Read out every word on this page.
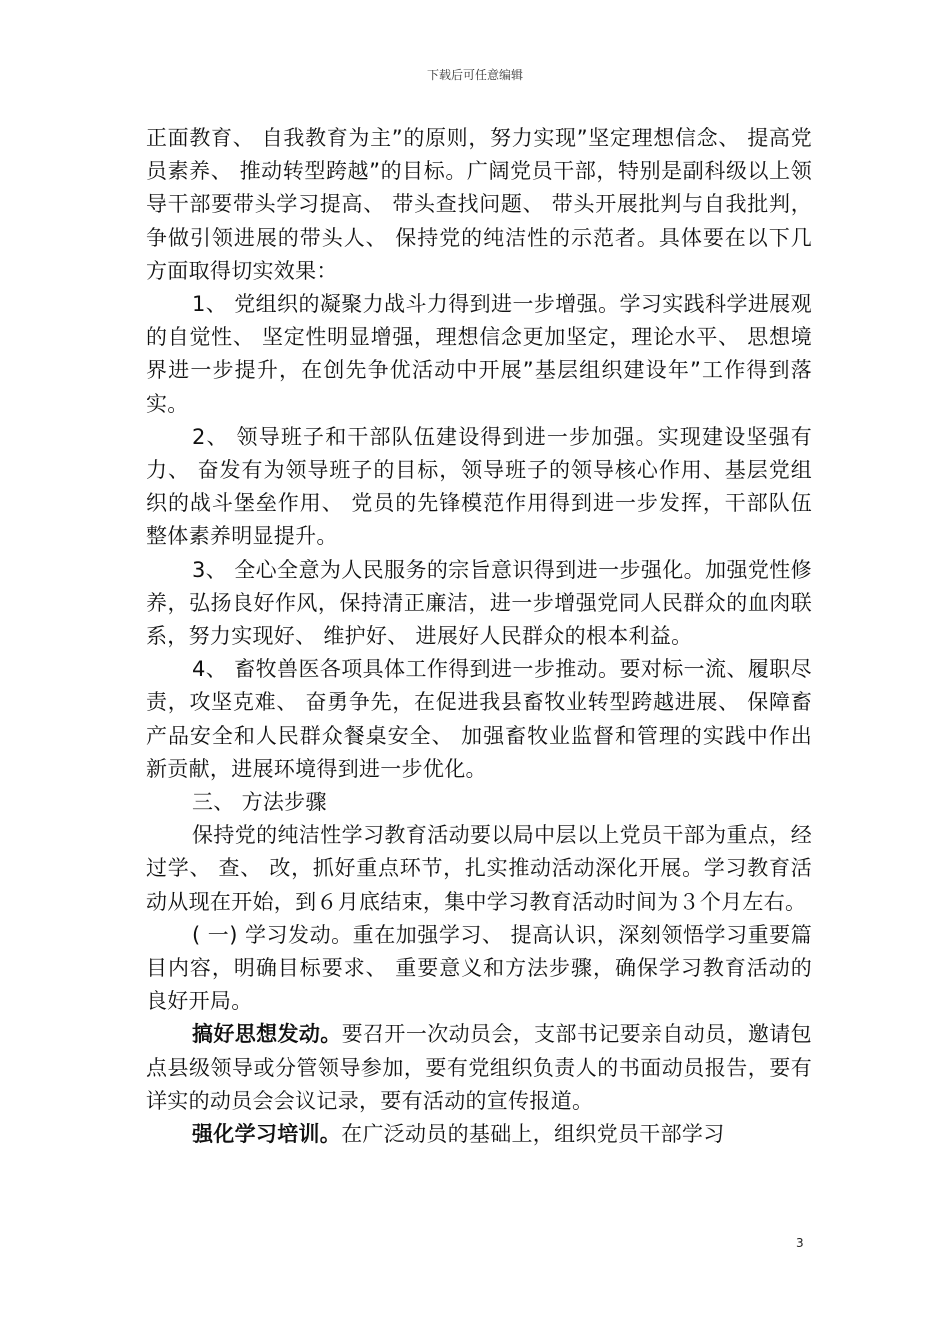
下载后可任意编辑

正面教育、 自我教育为主”的原则，努力实现”坚定理想信念、 提高党员素养、 推动转型跨越”的目标。广阔党员干部，特别是副科级以上领导干部要带头学习提高、 带头查找问题、 带头开展批判与自我批判，争做引领进展的带头人、 保持党的纯洁性的示范者。具体要在以下几方面取得切实效果：

1、 党组织的凝聚力战斗力得到进一步增强。学习实践科学进展观的自觉性、 坚定性明显增强，理想信念更加坚定，理论水平、 思想境界进一步提升，在创先争优活动中开展”基层组织建设年”工作得到落实。

2、 领导班子和干部队伍建设得到进一步加强。实现建设坚强有力、 奋发有为领导班子的目标，领导班子的领导核心作用、基层党组织的战斗堡垒作用、 党员的先锋模范作用得到进一步发挥，干部队伍整体素养明显提升。

3、 全心全意为人民服务的宗旨意识得到进一步强化。加强党性修养，弘扬良好作风，保持清正廉洁，进一步增强党同人民群众的血肉联系，努力实现好、 维护好、 进展好人民群众的根本利益。

4、 畜牧兽医各项具体工作得到进一步推动。要对标一流、履职尽责，攻坚克难、 奋勇争先，在促进我县畜牧业转型跨越进展、 保障畜产品安全和人民群众餐桌安全、 加强畜牧业监督和管理的实践中作出新贡献，进展环境得到进一步优化。

三、 方法步骤

保持党的纯洁性学习教育活动要以局中层以上党员干部为重点，经过学、 查、 改，抓好重点环节，扎实推动活动深化开展。学习教育活动从现在开始，到６月底结束，集中学习教育活动时间为３个月左右。

( 一) 学习发动。重在加强学习、 提高认识，深刻领悟学习重要篇目内容，明确目标要求、 重要意义和方法步骤，确保学习教育活动的良好开局。

搞好思想发动。要召开一次动员会，支部书记要亲自动员，邀请包点县级领导或分管领导参加，要有党组织负责人的书面动员报告，要有详实的动员会会议记录，要有活动的宣传报道。

强化学习培训。在广泛动员的基础上，组织党员干部学习

3
